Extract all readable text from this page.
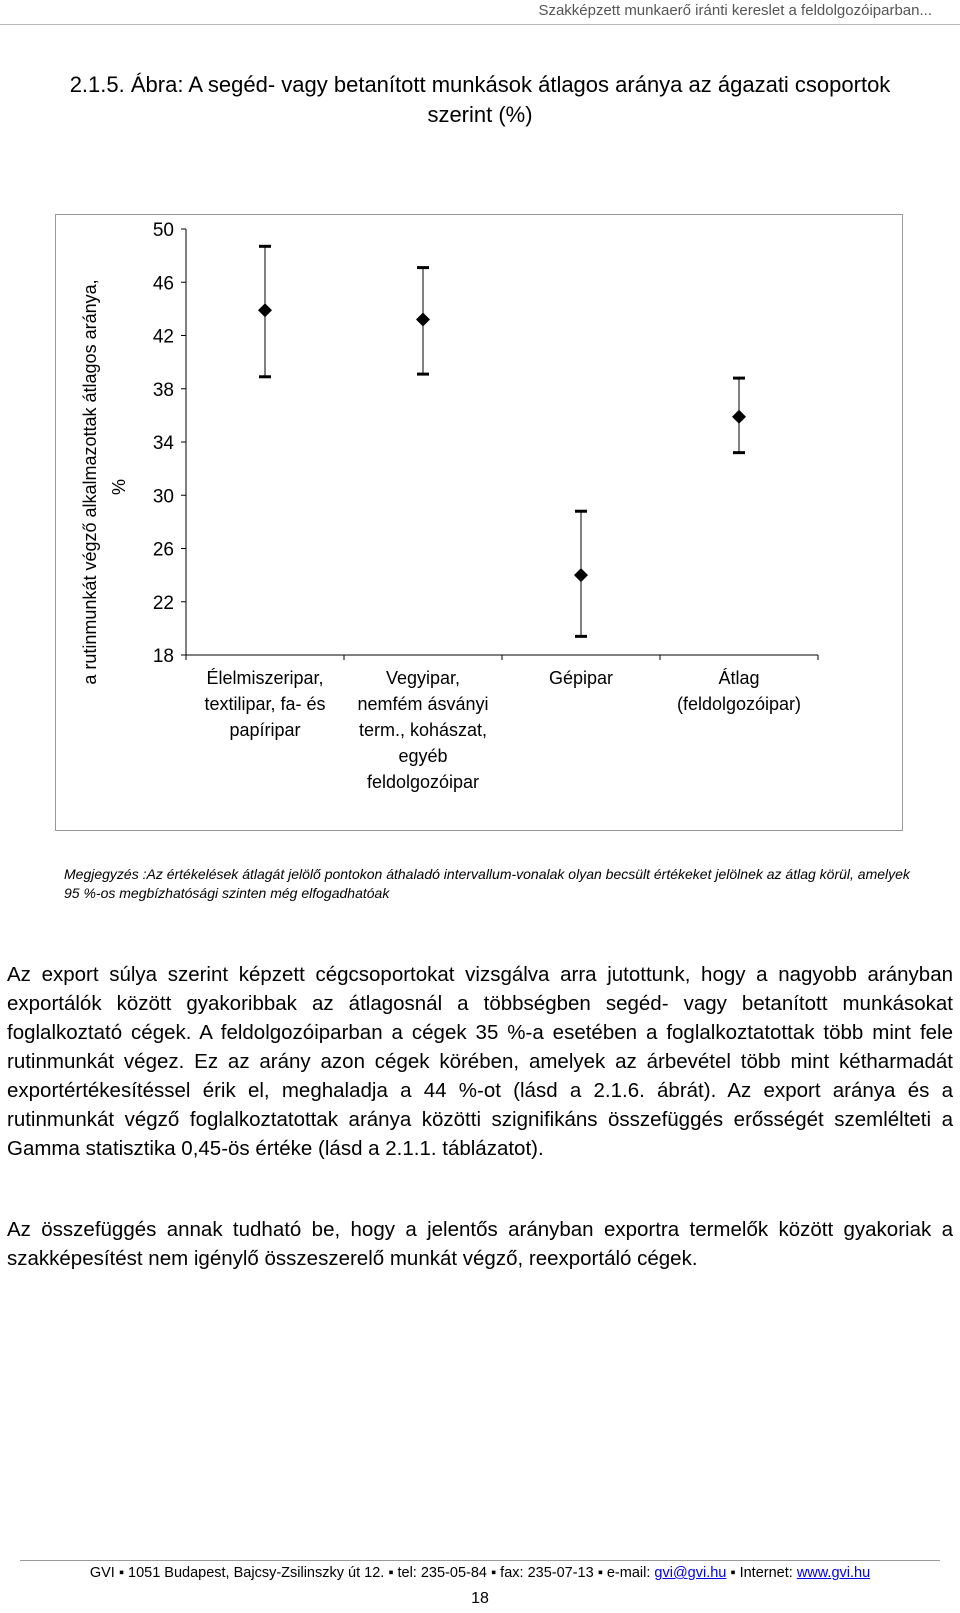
Szakképzett munkaerő iránti kereslet a feldolgozóiparban...
2.1.5. Ábra: A segéd- vagy betanított munkások átlagos aránya az ágazati csoportok
szerint (%)
50
46
42
38
34
30
26
22
18
a rutinmunkát végző alkalmazottak átlagos aránya, %
Élelmiszeripar,
textilipar, fa- és
papíripar
Vegyipar,
nemfém ásványi
term., kohászat,
egyéb
feldolgozóipar
Gépipar	Átlag
(feldolgozóipar)
Megjegyzés :Az értékelések átlagát jelölő pontokon áthaladó intervallum-vonalak olyan becsült értékeket jelölnek az átlag körül, amelyek 95 %-os megbízhatósági szinten még elfogadhatóak
Az export súlya szerint képzett cégcsoportokat vizsgálva arra jutottunk, hogy a nagyobb arányban exportálók között gyakoribbak az átlagosnál a többségben segéd- vagy betanított munkásokat foglalkoztató cégek. A feldolgozóiparban a cégek 35 %-a esetében a foglalkoztatottak több mint fele rutinmunkát végez. Ez az arány azon cégek körében, amelyek az árbevétel több mint kétharmadát exportértékesítéssel érik el, meghaladja a 44 %-ot (lásd a 2.1.6. ábrát). Az export aránya és a rutinmunkát végző foglalkoztatottak aránya közötti szignifikáns összefüggés erősségét szemlélteti a Gamma statisztika 0,45-ös értéke (lásd a 2.1.1. táblázatot).
Az összefüggés annak tudható be, hogy a jelentős arányban exportra termelők között gyakoriak a szakképesítést nem igénylő összeszerelő munkát végző, reexportáló cégek.
GVI ▪ 1051 Budapest, Bajcsy-Zsilinszky út 12. ▪ tel: 235-05-84 ▪ fax: 235-07-13 ▪ e-mail: gvi@gvi.hu ▪ Internet: www.gvi.hu
18
